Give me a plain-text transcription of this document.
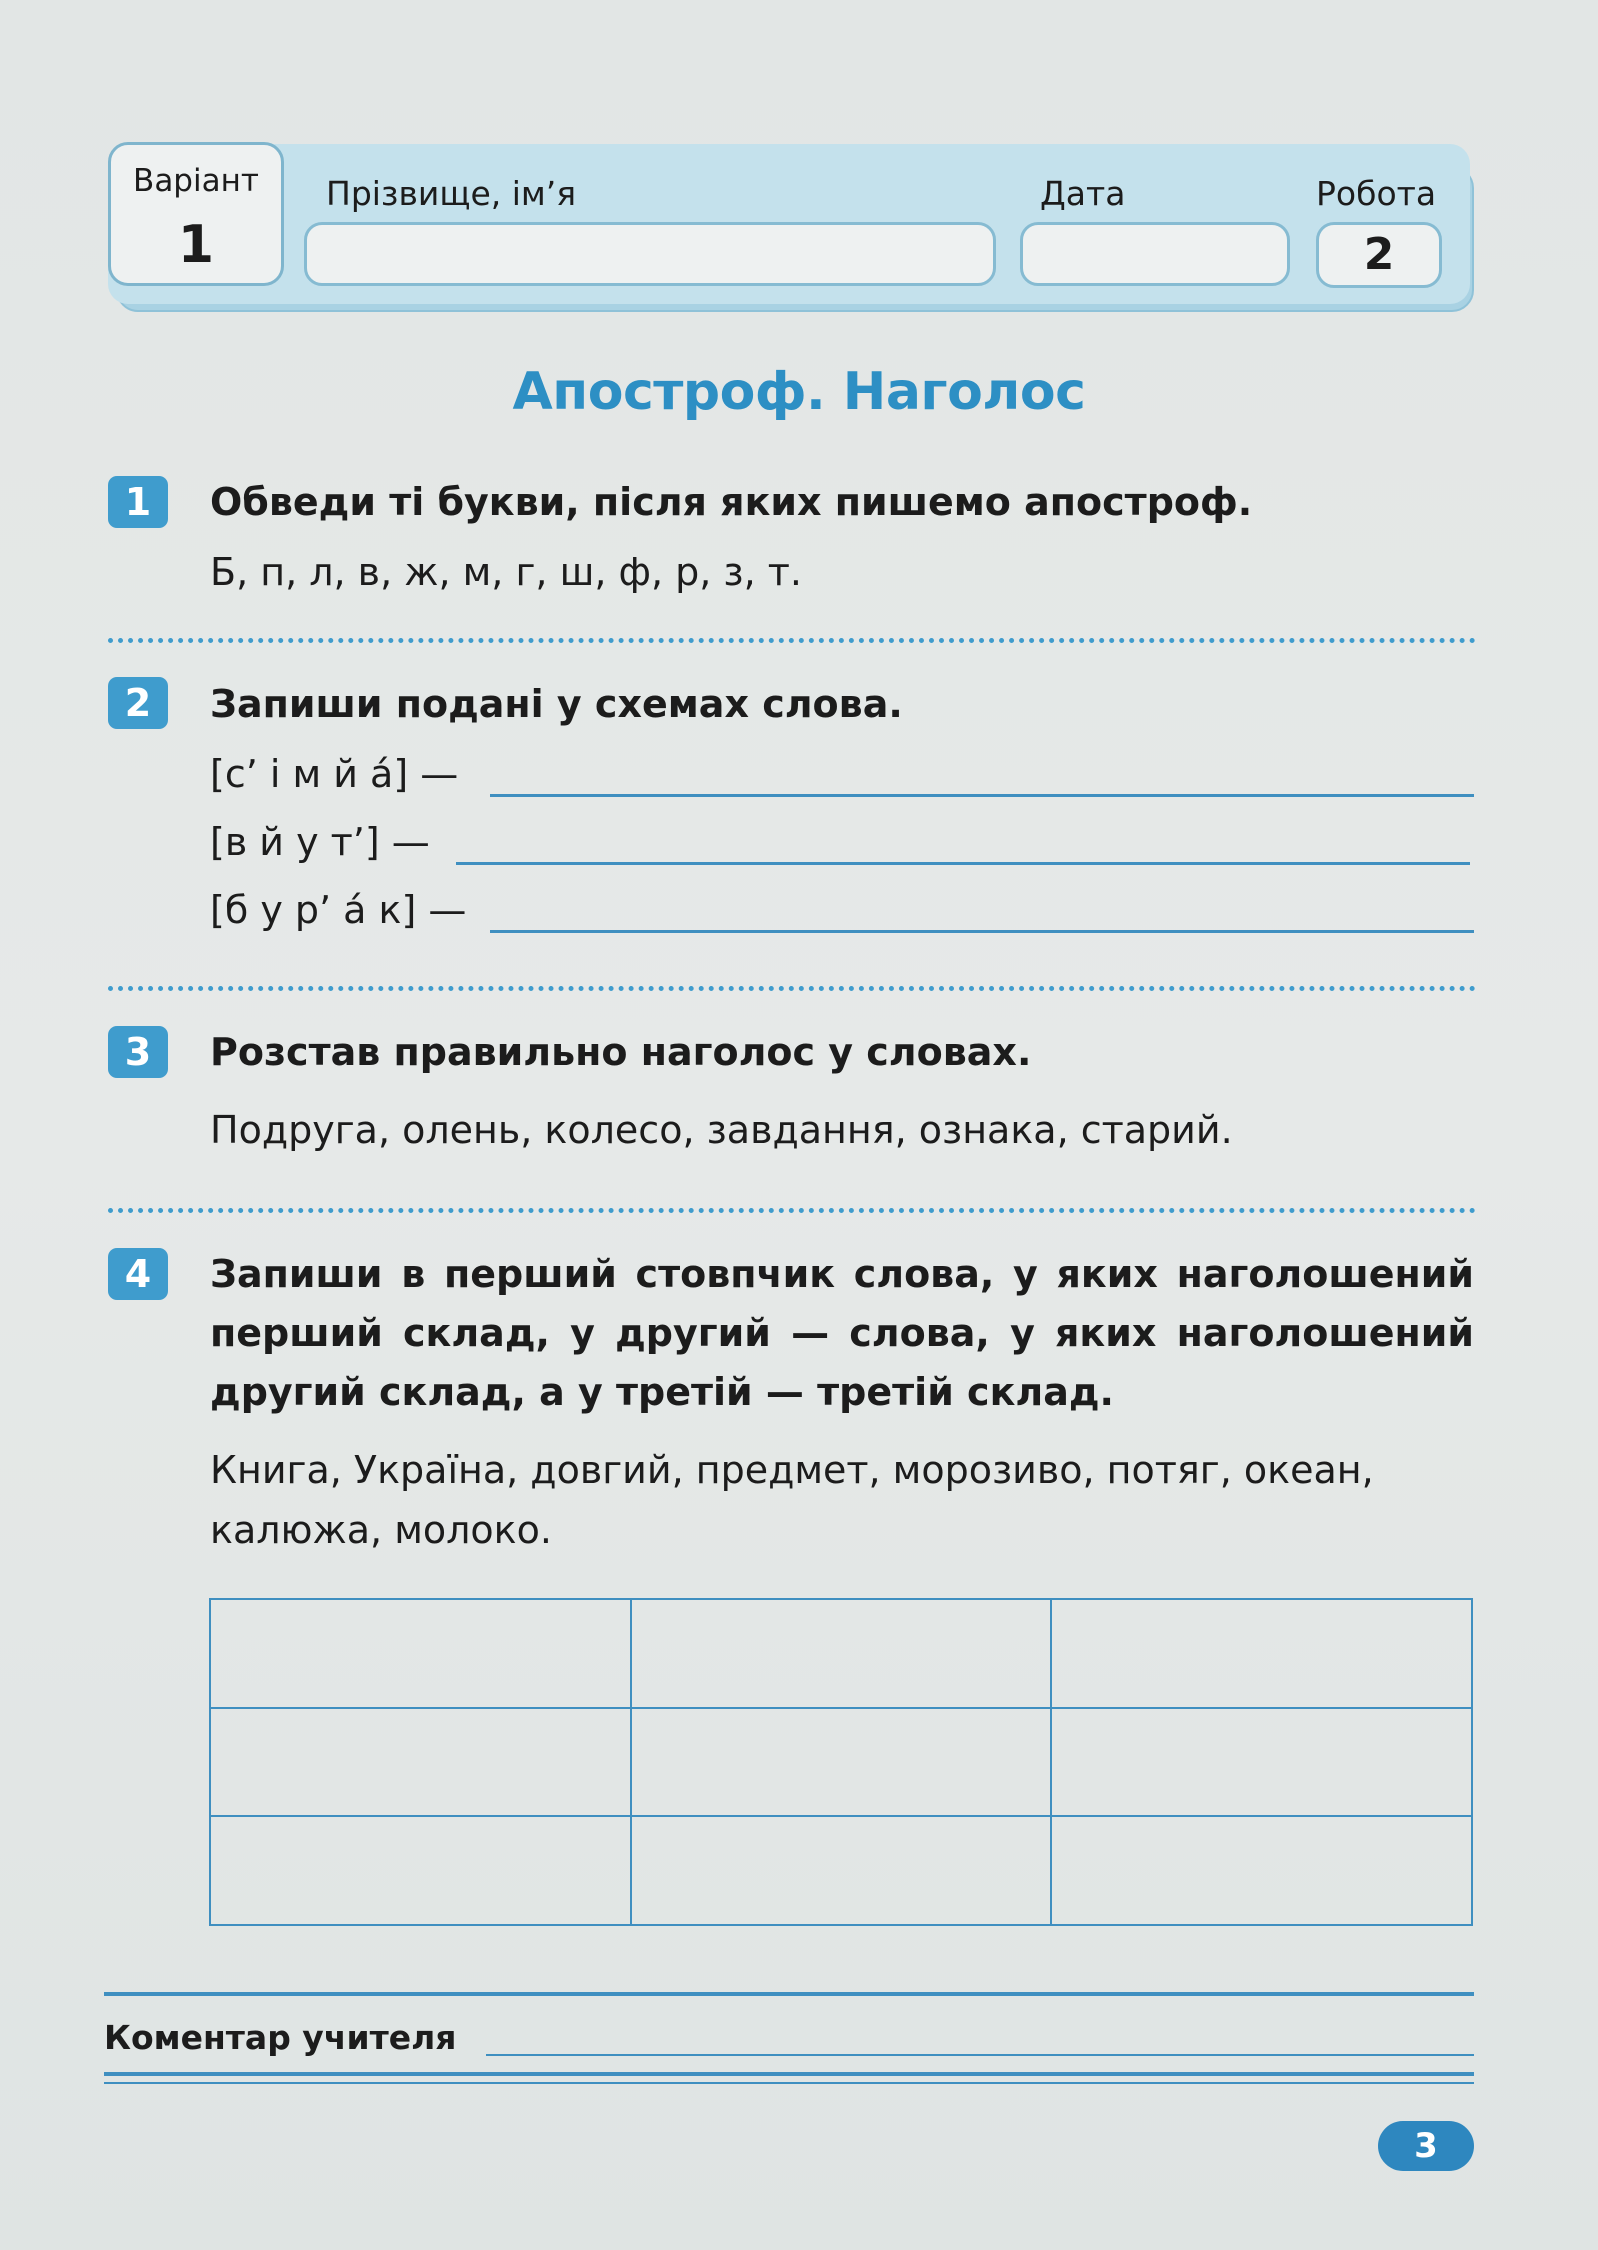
Варіант
1
Прізвище, ім’я	Дата	Робота
2
Апостроф. Наголос
1	Обведи ті букви, після яких пишемо апостроф.
Б, п, л, в, ж, м, г, ш, ф, р, з, т.
2	Запиши подані у схемах слова.
[с’ і м й а́] —
[в й у т’] —
[б у р’ а́ к] —
3	Розстав правильно наголос у словах.
Подруга, олень, колесо, завдання, ознака, старий.
4	Запиши в перший стовпчик слова, у яких наголошений
перший склад, у другий — слова, у яких наголошений
другий склад, а у третій — третій склад.
Книга, Україна, довгий, предмет, морозиво, потяг, океан,
калюжа, молоко.

Коментар учителя
3
